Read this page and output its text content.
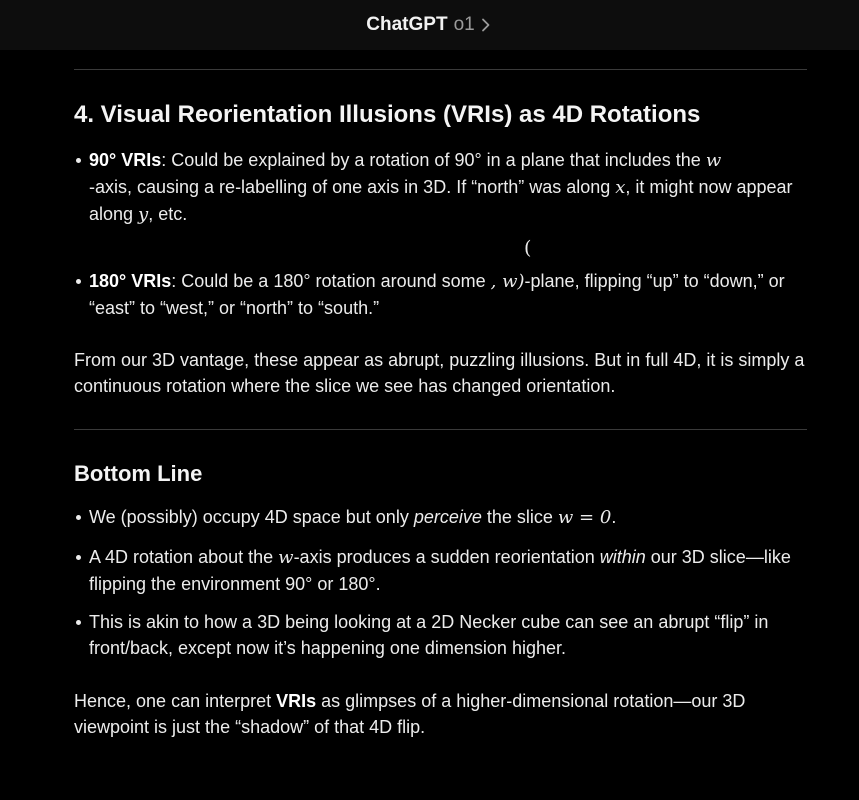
ChatGPT o1
4. Visual Reorientation Illusions (VRIs) as 4D Rotations
90° VRIs: Could be explained by a rotation of 90° in a plane that includes the w
-axis, causing a re-labelling of one axis in 3D. If “north” was along x, it might now appear along y, etc.
(
180° VRIs: Could be a 180° rotation around some , w)-plane, flipping “up” to “down,” or “east” to “west,” or “north” to “south.”

From our 3D vantage, these appear as abrupt, puzzling illusions. But in full 4D, it is simply a continuous rotation where the slice we see has changed orientation.

Bottom Line
We (possibly) occupy 4D space but only perceive the slice w = 0.
A 4D rotation about the w-axis produces a sudden reorientation within our 3D slice—like flipping the environment 90° or 180°.
This is akin to how a 3D being looking at a 2D Necker cube can see an abrupt “flip” in front/back, except now it’s happening one dimension higher.

Hence, one can interpret VRIs as glimpses of a higher-dimensional rotation—our 3D viewpoint is just the “shadow” of that 4D flip.
